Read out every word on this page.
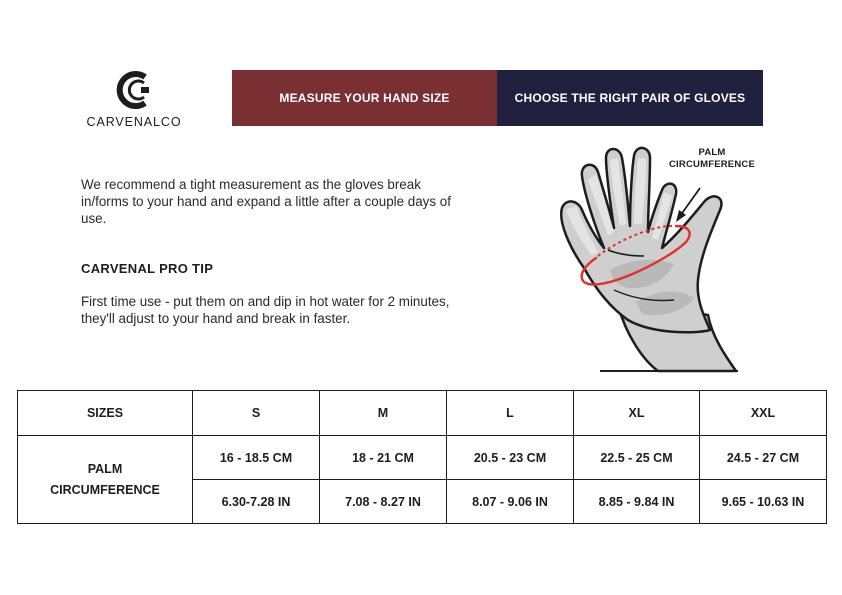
CARVENALCO
MEASURE YOUR HAND SIZE	CHOOSE THE RIGHT PAIR OF GLOVES

We recommend a tight measurement as the gloves break in/forms to your hand and expand a little after a couple days of use.

CARVENAL PRO TIP

First time use - put them on and dip in hot water for 2 minutes, they'll adjust to your hand and break in faster.

PALM
CIRCUMFERENCE
SIZES	S	M	L	XL	XXL

PALM
CIRCUMFERENCE	16 - 18.5 CM	18 - 21 CM	20.5 - 23 CM	22.5 - 25 CM	24.5 - 27 CM
	6.30-7.28 IN	7.08 - 8.27 IN	8.07 - 9.06 IN	8.85 - 9.84 IN	9.65 - 10.63 IN
